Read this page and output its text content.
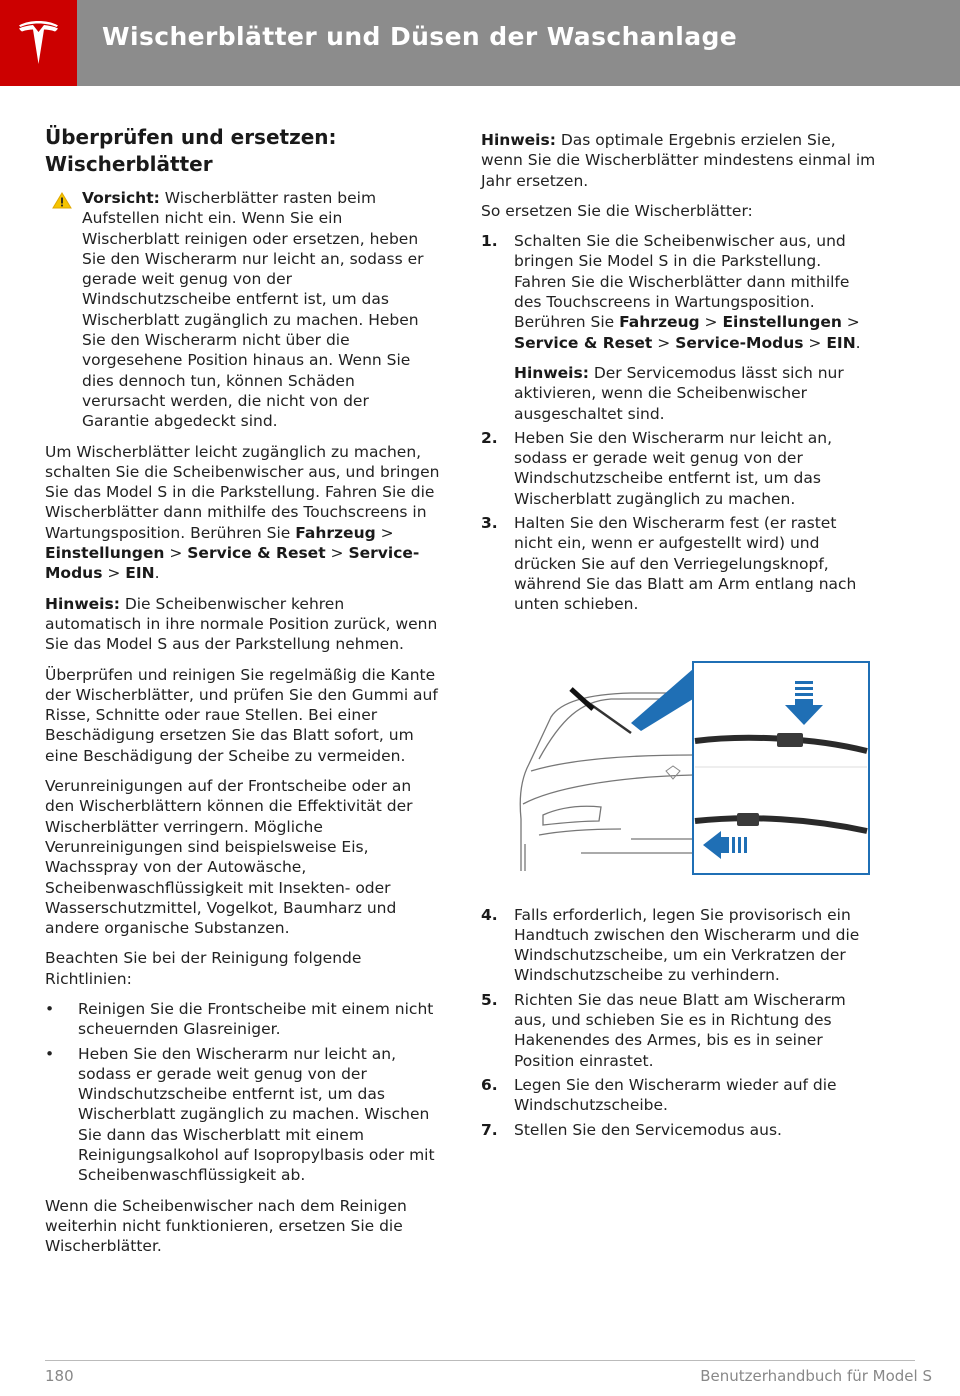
Wischerblätter und Düsen der Waschanlage
Überprüfen und ersetzen: Wischerblätter
Vorsicht: Wischerblätter rasten beim Aufstellen nicht ein. Wenn Sie ein Wischerblatt reinigen oder ersetzen, heben Sie den Wischerarm nur leicht an, sodass er gerade weit genug von der Windschutzscheibe entfernt ist, um das Wischerblatt zugänglich zu machen. Heben Sie den Wischerarm nicht über die vorgesehene Position hinaus an. Wenn Sie dies dennoch tun, können Schäden verursacht werden, die nicht von der Garantie abgedeckt sind.

Um Wischerblätter leicht zugänglich zu machen, schalten Sie die Scheibenwischer aus, und bringen Sie das Model S in die Parkstellung. Fahren Sie die Wischerblätter dann mithilfe des Touchscreens in Wartungsposition. Berühren Sie Fahrzeug > Einstellungen > Service & Reset > Service-Modus > EIN.

Hinweis: Die Scheibenwischer kehren automatisch in ihre normale Position zurück, wenn Sie das Model S aus der Parkstellung nehmen.

Überprüfen und reinigen Sie regelmäßig die Kante der Wischerblätter, und prüfen Sie den Gummi auf Risse, Schnitte oder raue Stellen. Bei einer Beschädigung ersetzen Sie das Blatt sofort, um eine Beschädigung der Scheibe zu vermeiden.

Verunreinigungen auf der Frontscheibe oder an den Wischerblättern können die Effektivität der Wischerblätter verringern. Mögliche Verunreinigungen sind beispielsweise Eis, Wachsspray von der Autowäsche, Scheibenwaschflüssigkeit mit Insekten- oder Wasserschutzmittel, Vogelkot, Baumharz und andere organische Substanzen.

Beachten Sie bei der Reinigung folgende Richtlinien:

• Reinigen Sie die Frontscheibe mit einem nicht scheuernden Glasreiniger.
• Heben Sie den Wischerarm nur leicht an, sodass er gerade weit genug von der Windschutzscheibe entfernt ist, um das Wischerblatt zugänglich zu machen. Wischen Sie dann das Wischerblatt mit einem Reinigungsalkohol auf Isopropylbasis oder mit Scheibenwaschflüssigkeit ab.

Wenn die Scheibenwischer nach dem Reinigen weiterhin nicht funktionieren, ersetzen Sie die Wischerblätter.

Hinweis: Das optimale Ergebnis erzielen Sie, wenn Sie die Wischerblätter mindestens einmal im Jahr ersetzen.

So ersetzen Sie die Wischerblätter:

1. Schalten Sie die Scheibenwischer aus, und bringen Sie Model S in die Parkstellung. Fahren Sie die Wischerblätter dann mithilfe des Touchscreens in Wartungsposition. Berühren Sie Fahrzeug > Einstellungen > Service & Reset > Service-Modus > EIN.
Hinweis: Der Servicemodus lässt sich nur aktivieren, wenn die Scheibenwischer ausgeschaltet sind.
2. Heben Sie den Wischerarm nur leicht an, sodass er gerade weit genug von der Windschutzscheibe entfernt ist, um das Wischerblatt zugänglich zu machen.
3. Halten Sie den Wischerarm fest (er rastet nicht ein, wenn er aufgestellt wird) und drücken Sie auf den Verriegelungsknopf, während Sie das Blatt am Arm entlang nach unten schieben.
4. Falls erforderlich, legen Sie provisorisch ein Handtuch zwischen den Wischerarm und die Windschutzscheibe, um ein Verkratzen der Windschutzscheibe zu verhindern.
5. Richten Sie das neue Blatt am Wischerarm aus, und schieben Sie es in Richtung des Hakenendes des Armes, bis es in seiner Position einrastet.
6. Legen Sie den Wischerarm wieder auf die Windschutzscheibe.
7. Stellen Sie den Servicemodus aus.
180	Benutzerhandbuch für Model S
